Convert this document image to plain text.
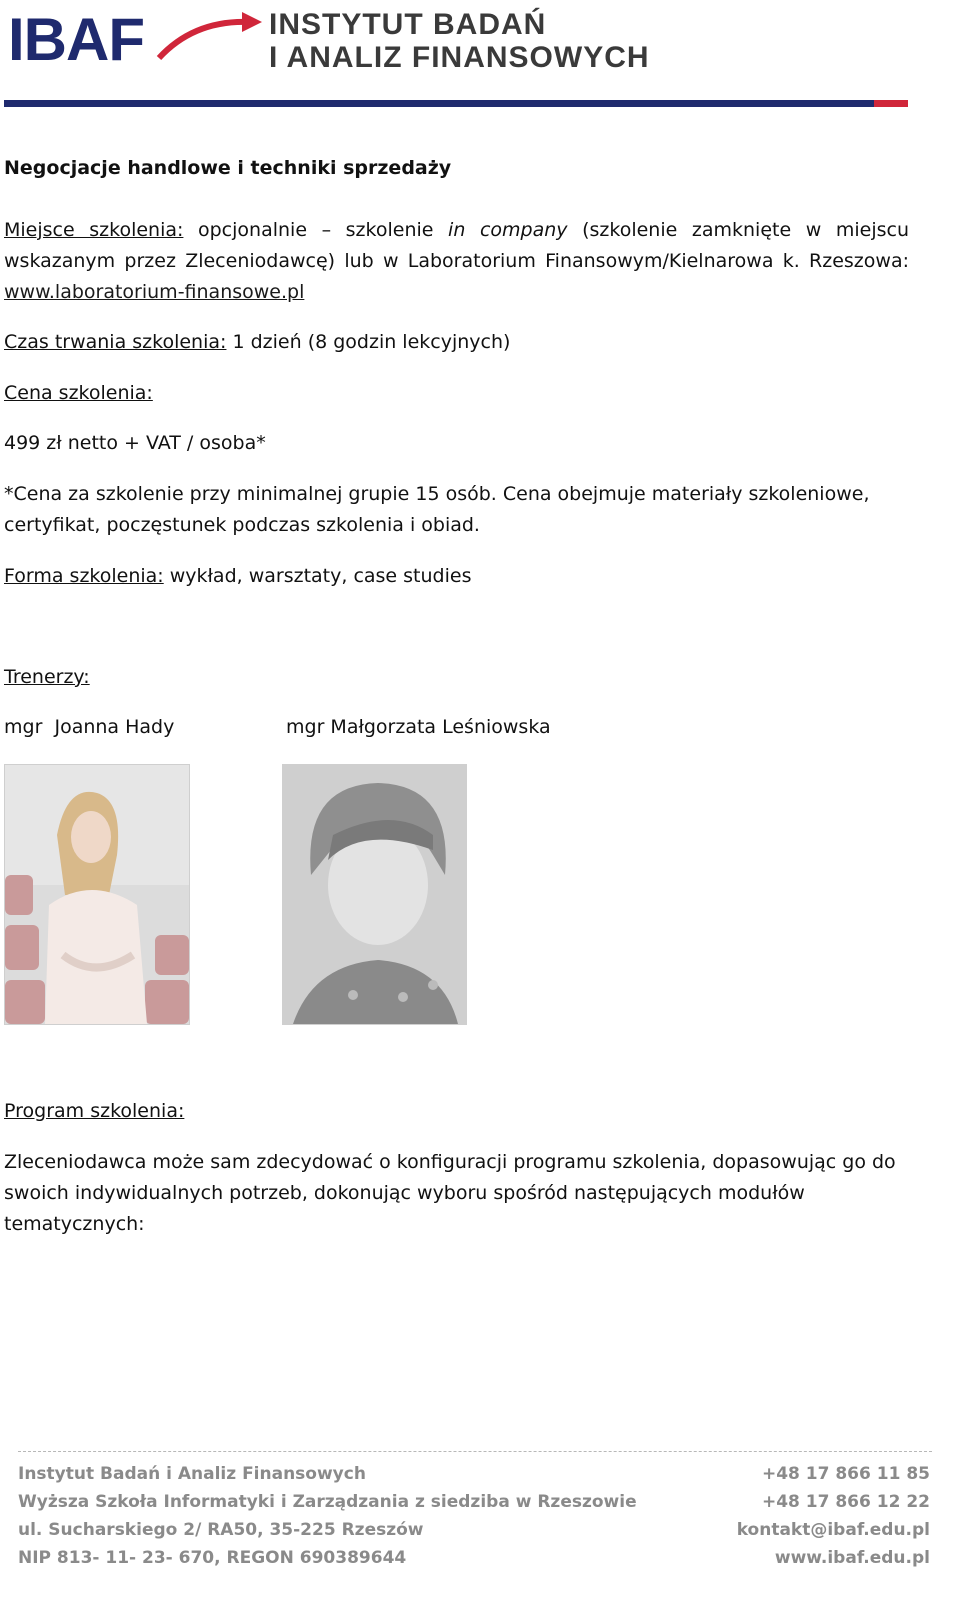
IBAF	INSTYTUT BADAŃ
I ANALIZ FINANSOWYCH

Negocjacje handlowe i techniki sprzedaży

Miejsce szkolenia: opcjonalnie – szkolenie in company (szkolenie zamknięte w miejscu wskazanym przez Zleceniodawcę) lub w Laboratorium Finansowym/Kielnarowa k. Rzeszowa: www.laboratorium-finansowe.pl

Czas trwania szkolenia: 1 dzień (8 godzin lekcyjnych)

Cena szkolenia:

499 zł netto + VAT / osoba*

*Cena za szkolenie przy minimalnej grupie 15 osób. Cena obejmuje materiały szkoleniowe, certyfikat, poczęstunek podczas szkolenia i obiad.

Forma szkolenia: wykład, warsztaty, case studies

Trenerzy:

mgr  Joanna Hady	mgr Małgorzata Leśniowska

Program szkolenia:

Zleceniodawca może sam zdecydować o konfiguracji programu szkolenia, dopasowując go do swoich indywidualnych potrzeb, dokonując wyboru spośród następujących modułów tematycznych:

Instytut Badań i Analiz Finansowych
Wyższa Szkoła Informatyki i Zarządzania z siedziba w Rzeszowie
ul. Sucharskiego 2/ RA50, 35-225 Rzeszów
NIP 813- 11- 23- 670, REGON 690389644
+48 17 866 11 85
+48 17 866 12 22
kontakt@ibaf.edu.pl
www.ibaf.edu.pl
